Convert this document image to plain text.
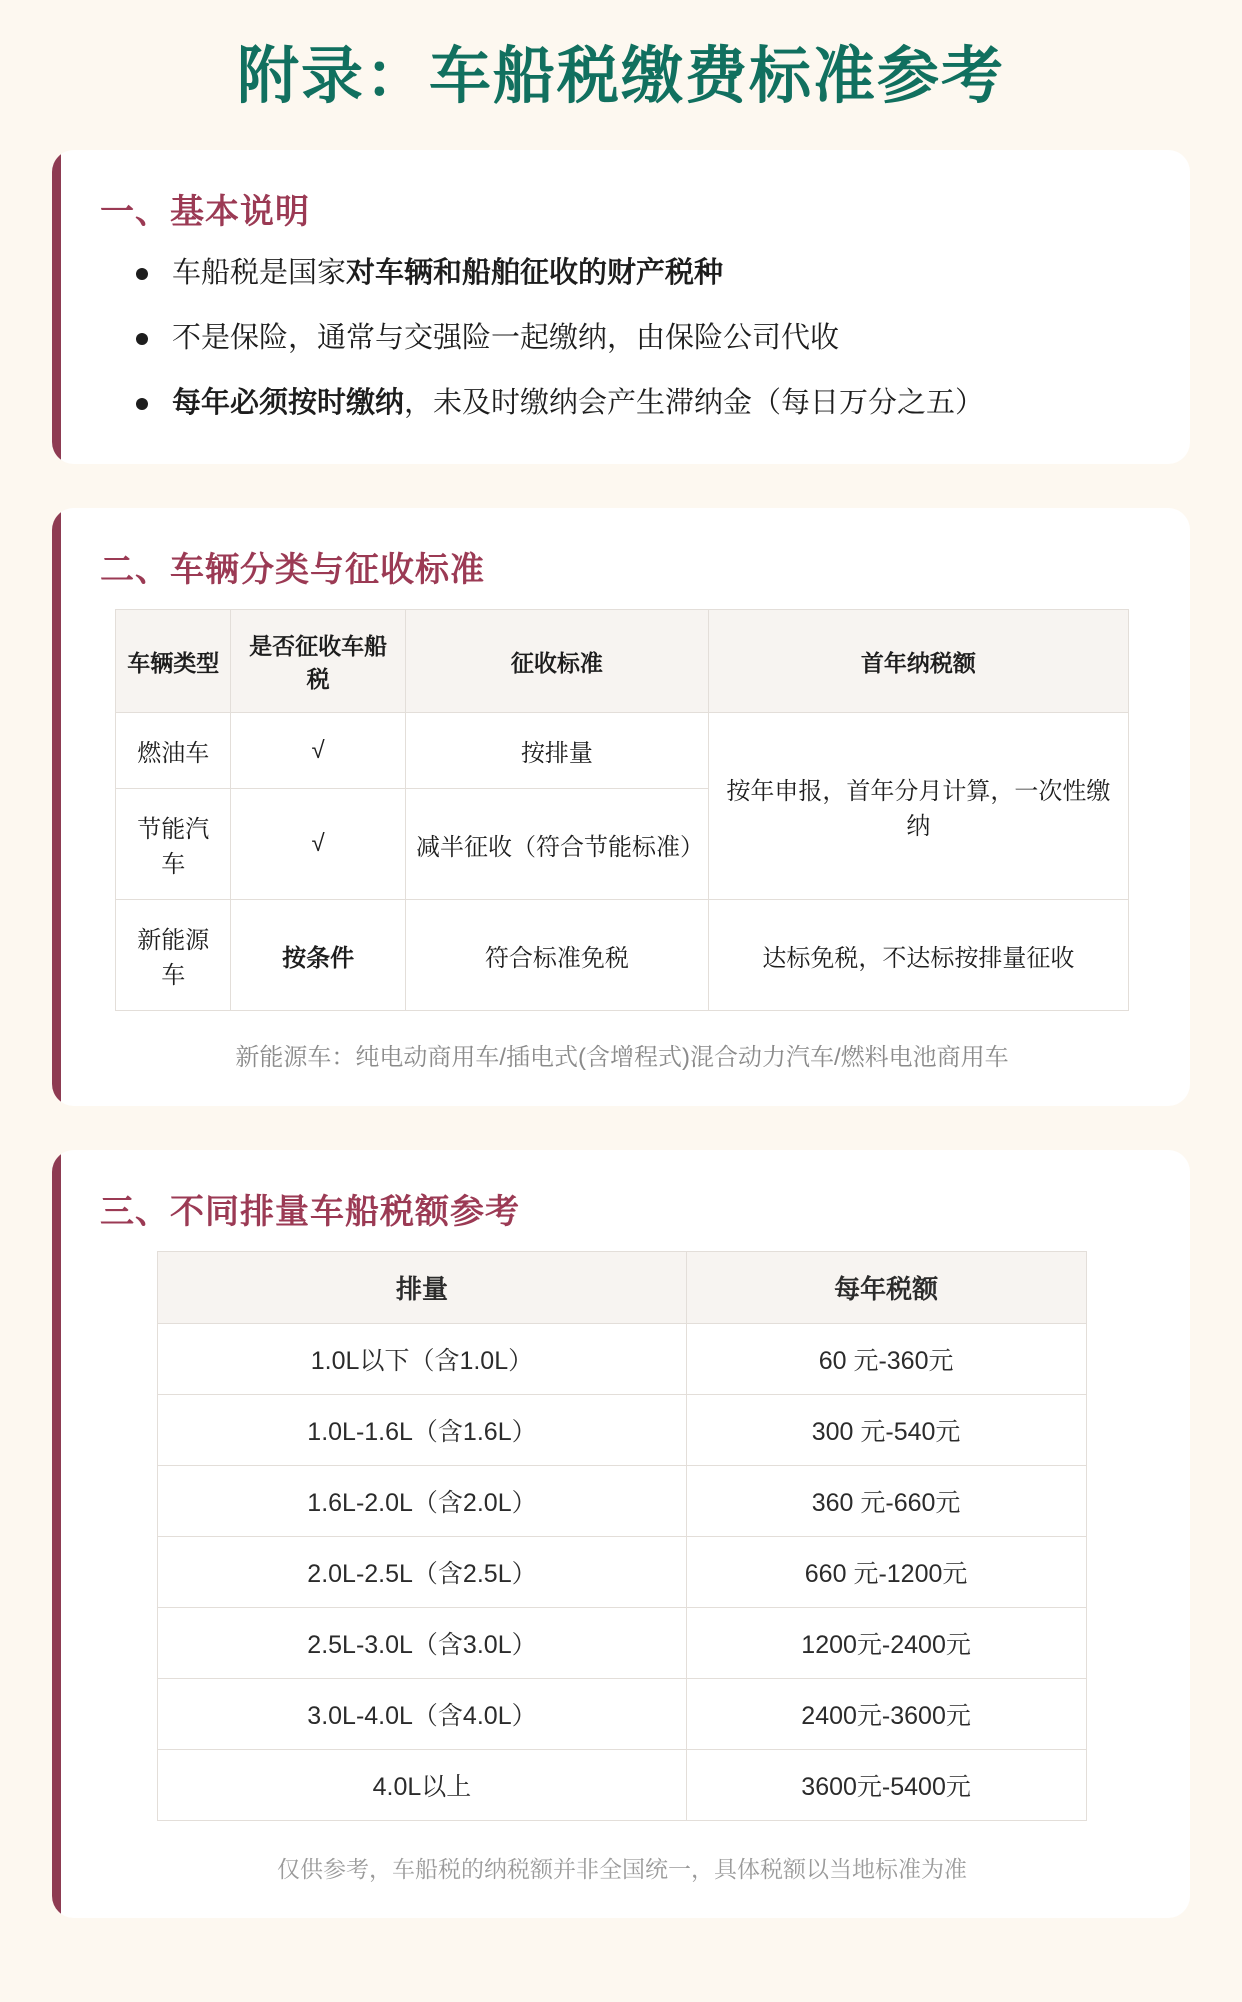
附录：车船税缴费标准参考
一、基本说明
车船税是国家对车辆和船舶征收的财产税种
不是保险，通常与交强险一起缴纳，由保险公司代收
每年必须按时缴纳，未及时缴纳会产生滞纳金（每日万分之五）
二、车辆分类与征收标准
车辆类型	是否征收车船税	征收标准	首年纳税额
燃油车	√	按排量	按年申报，首年分月计算，一次性缴纳
节能汽车	√	减半征收（符合节能标准）	
新能源车	按条件	符合标准免税	达标免税，不达标按排量征收
新能源车：纯电动商用车/插电式(含增程式)混合动力汽车/燃料电池商用车
三、不同排量车船税额参考
排量	每年税额
1.0L以下（含1.0L）	60 元-360元
1.0L-1.6L（含1.6L）	300 元-540元
1.6L-2.0L（含2.0L）	360 元-660元
2.0L-2.5L（含2.5L）	660 元-1200元
2.5L-3.0L（含3.0L）	1200元-2400元
3.0L-4.0L（含4.0L）	2400元-3600元
4.0L以上	3600元-5400元
仅供参考，车船税的纳税额并非全国统一，具体税额以当地标准为准
